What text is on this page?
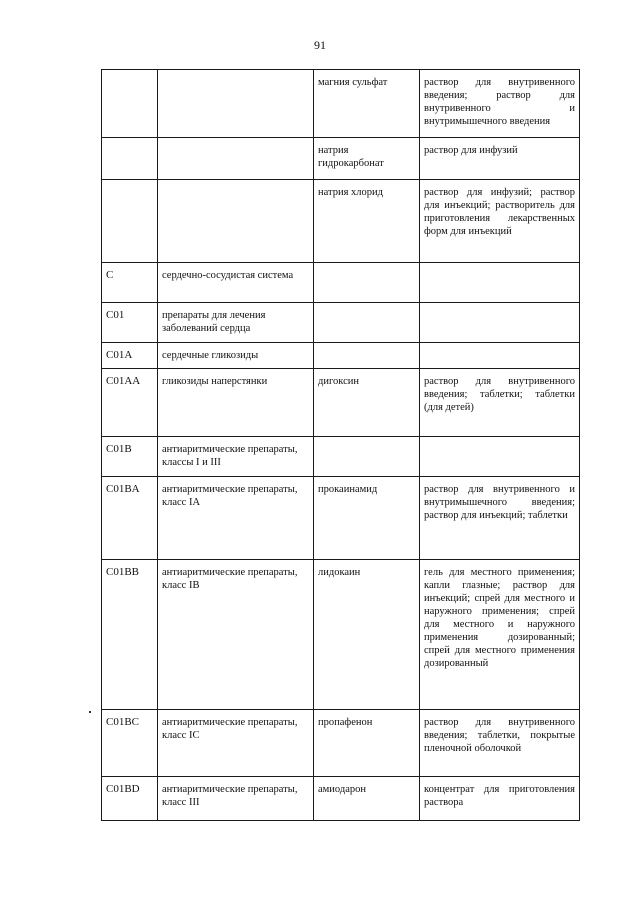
91
		магния сульфат	раствор для внутривенного введения; раствор для внутривенного и внутримышечного введения
		натрия гидрокарбонат	раствор для инфузий
		натрия хлорид	раствор для инфузий; раствор для инъекций; растворитель для приготовления лекарственных форм для инъекций
C	сердечно-сосудистая система		
C01	препараты для лечения заболеваний сердца		
C01A	сердечные гликозиды		
C01AA	гликозиды наперстянки	дигоксин	раствор для внутривенного введения; таблетки; таблетки (для детей)
C01B	антиаритмические препараты, классы I и III		
C01BA	антиаритмические препараты, класс IA	прокаинамид	раствор для внутривенного и внутримышечного введения; раствор для инъекций; таблетки
C01BB	антиаритмические препараты, класс IB	лидокаин	гель для местного применения; капли глазные; раствор для инъекций; спрей для местного и наружного применения; спрей для местного и наружного применения дозированный; спрей для местного применения дозированный
C01BC	антиаритмические препараты, класс IC	пропафенон	раствор для внутривенного введения; таблетки, покрытые пленочной оболочкой
C01BD	антиаритмические препараты, класс III	амиодарон	концентрат для приготовления раствора
